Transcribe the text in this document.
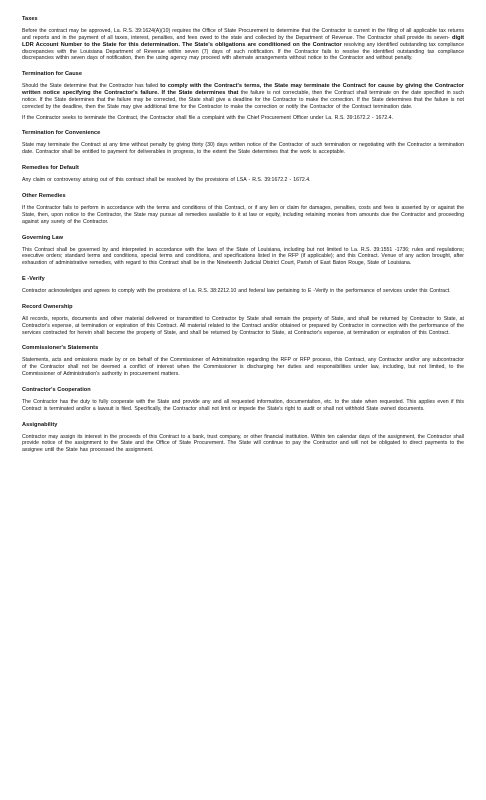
Taxes
Before the contract may be approved, La. R.S. 39:1624(A)(10) requires the Office of State Procurement to determine that the Contractor is current in the filing of all applicable tax returns and reports and in the payment of all taxes, interest, penalties, and fees owed to the state and collected by the Department of Revenue. The Contractor shall provide its seven- digit LDR Account Number to the State for this determination. The State's obligations are conditioned on the Contractor resolving any identified outstanding tax compliance discrepancies with the Louisiana Department of Revenue within seven (7) days of such notification. If the Contractor fails to resolve the identified outstanding tax compliance discrepancies within seven days of notification, then the using agency may proceed with alternate arrangements without notice to the Contractor and without penalty.
Termination for Cause
Should the State determine that the Contractor has failed to comply with the Contract's terms, the State may terminate the Contract for cause by giving the Contractor written notice specifying the Contractor's failure. If the State determines that the failure is not correctable, then the Contract shall terminate on the date specified in such notice. If the State determines that the failure may be corrected, the State shall give a deadline for the Contractor to make the correction. If the State determines that the failure is not corrected by the deadline, then the State may give additional time for the Contractor to make the correction or notify the Contractor of the Contract termination date.
If the Contractor seeks to terminate the Contract, the Contractor shall file a complaint with the Chief Procurement Officer under La. R.S. 39:1672.2 - 1672.4.
Termination for Convenience
State may terminate the Contract at any time without penalty by giving thirty (30) days written notice of the Contractor of such termination or negotiating with the Contractor a termination date. Contractor shall be entitled to payment for deliverables in progress, to the extent the State determines that the work is acceptable.
Remedies for Default
Any claim or controversy arising out of this contract shall be resolved by the provisions of LSA - R.S. 39:1672.2 - 1672.4.
Other Remedies
If the Contractor fails to perform in accordance with the terms and conditions of this Contract, or if any lien or claim for damages, penalties, costs and fees is asserted by or against the State, then, upon notice to the Contractor, the State may pursue all remedies available to it at law or equity, including retaining monies from amounts due the Contractor and proceeding against any surety of the Contractor.
Governing Law
This Contract shall be governed by and interpreted in accordance with the laws of the State of Louisiana, including but not limited to La. R.S. 39:1551 -1736; rules and regulations; executive orders; standard terms and conditions, special terms and conditions, and specifications listed in the RFP (if applicable); and this Contract. Venue of any action brought, after exhaustion of administrative remedies, with regard to this Contract shall be in the Nineteenth Judicial District Court, Parish of East Baton Rouge, State of Louisiana.
E -Verify
Contractor acknowledges and agrees to comply with the provisions of La. R.S. 38:2212.10 and federal law pertaining to E -Verify in the performance of services under this Contract.
Record Ownership
All records, reports, documents and other material delivered or transmitted to Contractor by State shall remain the property of State, and shall be returned by Contractor to State, at Contractor's expense, at termination or expiration of this Contract. All material related to the Contract and/or obtained or prepared by Contractor in connection with the performance of the services contracted for herein shall become the property of State, and shall be returned by Contractor to State, at Contractor's expense, at termination or expiration of this Contract.
Commissioner's Statements
Statements, acts and omissions made by or on behalf of the Commissioner of Administration regarding the RFP or RFP process, this Contract, any Contractor and/or any subcontractor of the Contractor shall not be deemed a conflict of interest when the Commissioner is discharging her duties and responsibilities under law, including, but not limited, to the Commissioner of Administration's authority in procurement matters.
Contractor's Cooperation
The Contractor has the duty to fully cooperate with the State and provide any and all requested information, documentation, etc. to the state when requested. This applies even if this Contract is terminated and/or a lawsuit is filed. Specifically, the Contractor shall not limit or impede the State's right to audit or shall not withhold State owned documents.
Assignability
Contractor may assign its interest in the proceeds of this Contract to a bank, trust company, or other financial institution. Within ten calendar days of the assignment, the Contractor shall provide notice of the assignment to the State and the Office of State Procurement. The State will continue to pay the Contractor and will not be obligated to direct payments to the assignee until the State has processed the assignment.
